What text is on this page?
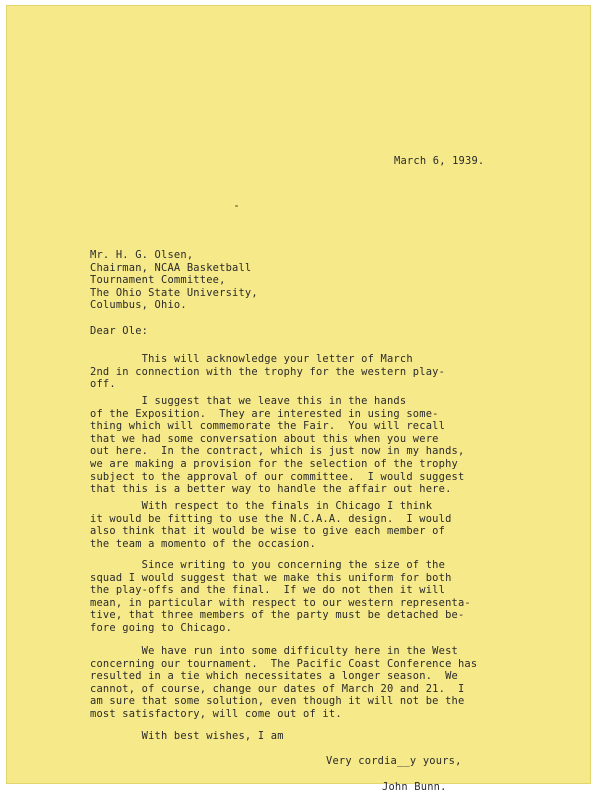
March 6, 1939.

Mr. H. G. Olsen,
Chairman, NCAA Basketball
Tournament Committee,
The Ohio State University,
Columbus, Ohio.

Dear Ole:

This will acknowledge your letter of March
2nd in connection with the trophy for the western play-
off.
I suggest that we leave this in the hands
of the Exposition.  They are interested in using some-
thing which will commemorate the Fair.  You will recall
that we had some conversation about this when you were
out here.  In the contract, which is just now in my hands,
we are making a provision for the selection of the trophy
subject to the approval of our committee.  I would suggest
that this is a better way to handle the affair out here.
With respect to the finals in Chicago I think
it would be fitting to use the N.C.A.A. design.  I would
also think that it would be wise to give each member of
the team a momento of the occasion.
Since writing to you concerning the size of the
squad I would suggest that we make this uniform for both
the play-offs and the final.  If we do not then it will
mean, in particular with respect to our western representa-
tive, that three members of the party must be detached be-
fore going to Chicago.
We have run into some difficulty here in the West
concerning our tournament.  The Pacific Coast Conference has
resulted in a tie which necessitates a longer season.  We
cannot, of course, change our dates of March 20 and 21.  I
am sure that some solution, even though it will not be the
most satisfactory, will come out of it.
With best wishes, I am

Very cordia__y yours,

John Bunn.
